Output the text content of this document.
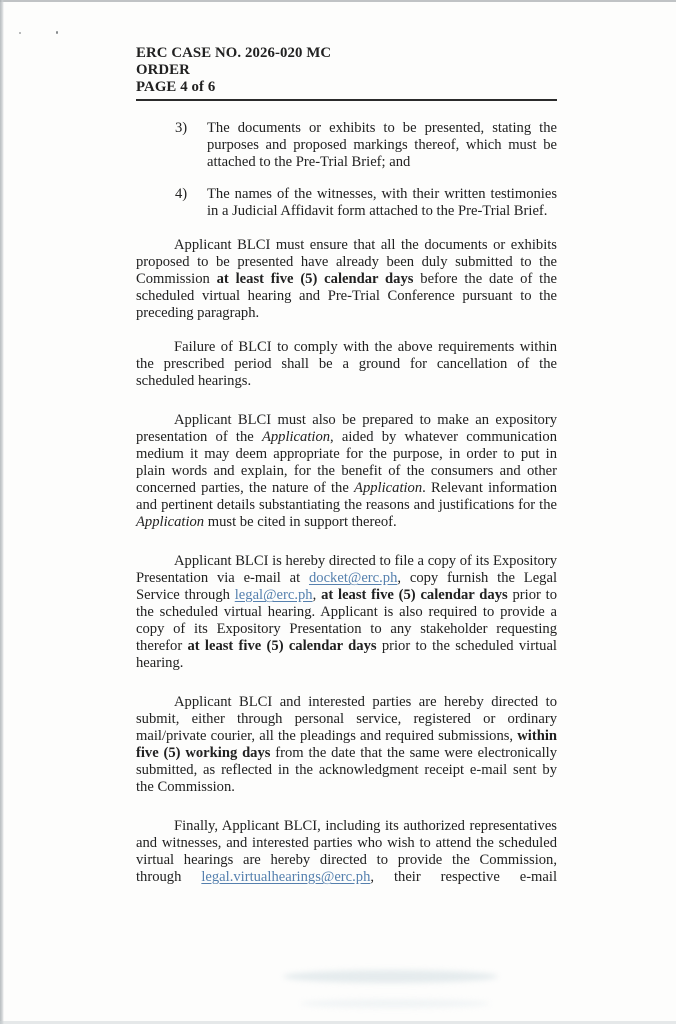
ERC CASE NO. 2026-020 MC
ORDER
PAGE 4 of 6
3)	The documents or exhibits to be presented, stating the purposes and proposed markings thereof, which must be attached to the Pre-Trial Brief; and
4)	The names of the witnesses, with their written testimonies in a Judicial Affidavit form attached to the Pre-Trial Brief.

Applicant BLCI must ensure that all the documents or exhibits proposed to be presented have already been duly submitted to the Commission at least five (5) calendar days before the date of the scheduled virtual hearing and Pre-Trial Conference pursuant to the preceding paragraph.

Failure of BLCI to comply with the above requirements within the prescribed period shall be a ground for cancellation of the scheduled hearings.

Applicant BLCI must also be prepared to make an expository presentation of the Application, aided by whatever communication medium it may deem appropriate for the purpose, in order to put in plain words and explain, for the benefit of the consumers and other concerned parties, the nature of the Application. Relevant information and pertinent details substantiating the reasons and justifications for the Application must be cited in support thereof.

Applicant BLCI is hereby directed to file a copy of its Expository Presentation via e-mail at docket@erc.ph, copy furnish the Legal Service through legal@erc.ph, at least five (5) calendar days prior to the scheduled virtual hearing. Applicant is also required to provide a copy of its Expository Presentation to any stakeholder requesting therefor at least five (5) calendar days prior to the scheduled virtual hearing.

Applicant BLCI and interested parties are hereby directed to submit, either through personal service, registered or ordinary mail/private courier, all the pleadings and required submissions, within five (5) working days from the date that the same were electronically submitted, as reflected in the acknowledgment receipt e-mail sent by the Commission.

Finally, Applicant BLCI, including its authorized representatives and witnesses, and interested parties who wish to attend the scheduled virtual hearings are hereby directed to provide the Commission, through legal.virtualhearings@erc.ph, their respective e-mail
